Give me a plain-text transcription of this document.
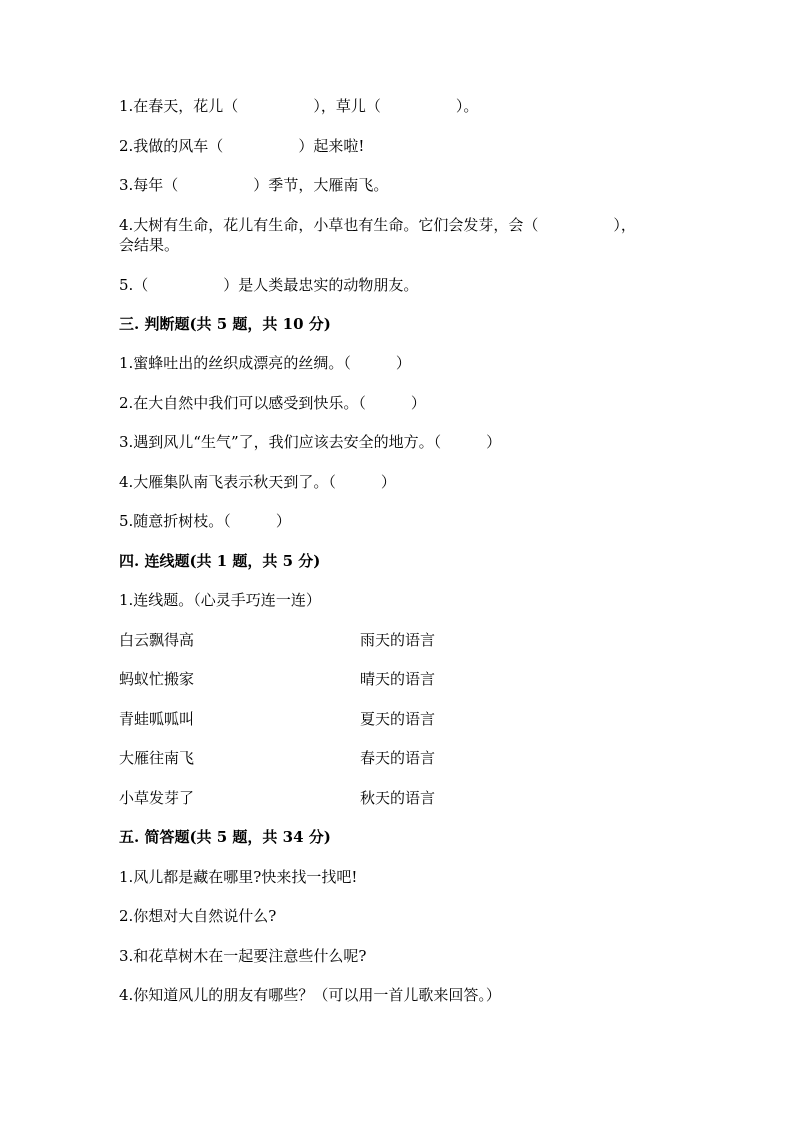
1.在春天，花儿（　　　　　），草儿（　　　　　）。
2.我做的风车（　　　　　）起来啦!
3.每年（　　　　　）季节，大雁南飞。
4.大树有生命，花儿有生命，小草也有生命。它们会发芽，会（　　　　　），
会结果。
5.（　　　　　）是人类最忠实的动物朋友。
三. 判断题(共 5 题，共 10 分)
1.蜜蜂吐出的丝织成漂亮的丝绸。（　　　）
2.在大自然中我们可以感受到快乐。（　　　）
3.遇到风儿“生气”了，我们应该去安全的地方。（　　　）
4.大雁集队南飞表示秋天到了。（　　　）
5.随意折树枝。（　　　）
四. 连线题(共 1 题，共 5 分)
1.连线题。（心灵手巧连一连）
白云飘得高	雨天的语言
蚂蚁忙搬家	晴天的语言
青蛙呱呱叫	夏天的语言
大雁往南飞	春天的语言
小草发芽了	秋天的语言
五. 简答题(共 5 题，共 34 分)
1.风儿都是藏在哪里?快来找一找吧!
2.你想对大自然说什么?
3.和花草树木在一起要注意些什么呢?
4.你知道风儿的朋友有哪些？（可以用一首儿歌来回答。）
